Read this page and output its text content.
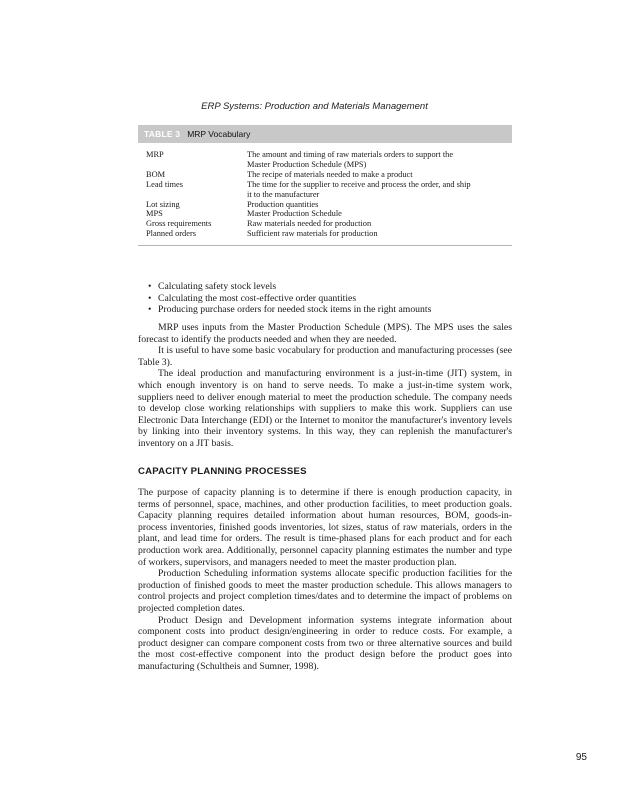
ERP Systems: Production and Materials Management
TABLE 3 MRP Vocabulary
MRP	The amount and timing of raw materials orders to support the
Master Production Schedule (MPS)
BOM	The recipe of materials needed to make a product
Lead times	The time for the supplier to receive and process the order, and ship
it to the manufacturer
Lot sizing	Production quantities
MPS	Master Production Schedule
Gross requirements	Raw materials needed for production
Planned orders	Sufficient raw materials for production
• Calculating safety stock levels
• Calculating the most cost-effective order quantities
• Producing purchase orders for needed stock items in the right amounts

MRP uses inputs from the Master Production Schedule (MPS). The MPS uses the sales forecast to identify the products needed and when they are needed.

It is useful to have some basic vocabulary for production and manufacturing processes (see Table 3).

The ideal production and manufacturing environment is a just-in-time (JIT) system, in which enough inventory is on hand to serve needs. To make a just-in-time system work, suppliers need to deliver enough material to meet the production schedule. The company needs to develop close working relationships with suppliers to make this work. Suppliers can use Electronic Data Interchange (EDI) or the Internet to monitor the manufacturer's inventory levels by linking into their inventory systems. In this way, they can replenish the manufacturer's inventory on a JIT basis.

CAPACITY PLANNING PROCESSES

The purpose of capacity planning is to determine if there is enough production capacity, in terms of personnel, space, machines, and other production facilities, to meet production goals. Capacity planning requires detailed information about human resources, BOM, goods-in-process inventories, finished goods inventories, lot sizes, status of raw materials, orders in the plant, and lead time for orders. The result is time-phased plans for each product and for each production work area. Additionally, personnel capacity planning estimates the number and type of workers, supervisors, and managers needed to meet the master production plan.

Production Scheduling information systems allocate specific production facilities for the production of finished goods to meet the master production schedule. This allows managers to control projects and project completion times/dates and to determine the impact of problems on projected completion dates.

Product Design and Development information systems integrate information about component costs into product design/engineering in order to reduce costs. For example, a product designer can compare component costs from two or three alternative sources and build the most cost-effective component into the product design before the product goes into manufacturing (Schultheis and Sumner, 1998).

95
